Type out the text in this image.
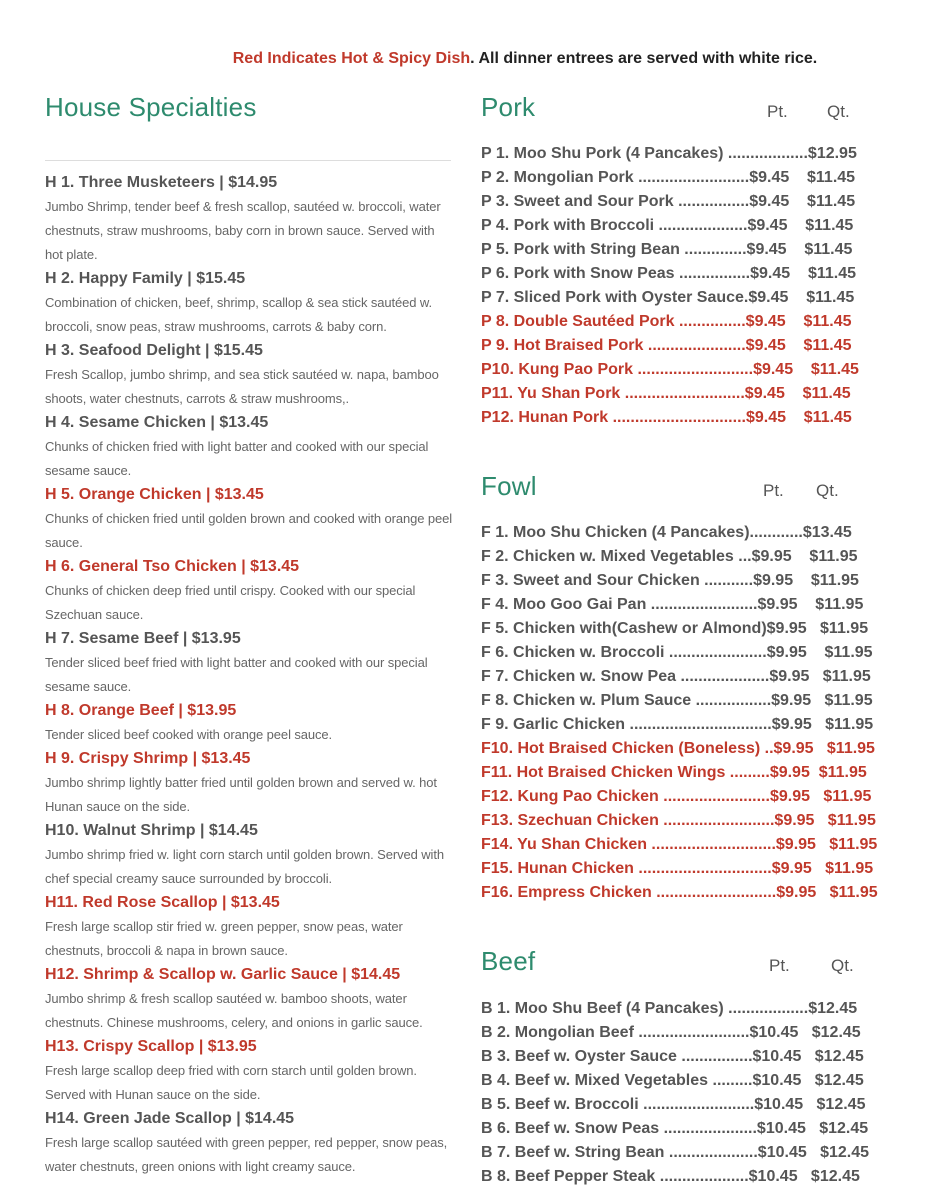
Red Indicates Hot & Spicy Dish. All dinner entrees are served with white rice.
House Specialties
H 1. Three Musketeers | $14.95
Jumbo Shrimp, tender beef & fresh scallop, sautéed w. broccoli, water chestnuts, straw mushrooms, baby corn in brown sauce. Served with hot plate.
H 2. Happy Family | $15.45
Combination of chicken, beef, shrimp, scallop & sea stick sautéed w. broccoli, snow peas, straw mushrooms, carrots & baby corn.
H 3. Seafood Delight | $15.45
Fresh Scallop, jumbo shrimp, and sea stick sautéed w. napa, bamboo shoots, water chestnuts, carrots & straw mushrooms,.
H 4. Sesame Chicken | $13.45
Chunks of chicken fried with light batter and cooked with our special sesame sauce.
H 5. Orange Chicken | $13.45
Chunks of chicken fried until golden brown and cooked with orange peel sauce.
H 6. General Tso Chicken | $13.45
Chunks of chicken deep fried until crispy. Cooked with our special Szechuan sauce.
H 7. Sesame Beef | $13.95
Tender sliced beef fried with light batter and cooked with our special sesame sauce.
H 8. Orange Beef | $13.95
Tender sliced beef cooked with orange peel sauce.
H 9. Crispy Shrimp | $13.45
Jumbo shrimp lightly batter fried until golden brown and served w. hot Hunan sauce on the side.
H10. Walnut Shrimp | $14.45
Jumbo shrimp fried w. light corn starch until golden brown. Served with chef special creamy sauce surrounded by broccoli.
H11. Red Rose Scallop | $13.45
Fresh large scallop stir fried w. green pepper, snow peas, water chestnuts, broccoli & napa in brown sauce.
H12. Shrimp & Scallop w. Garlic Sauce | $14.45
Jumbo shrimp & fresh scallop sautéed w. bamboo shoots, water chestnuts. Chinese mushrooms, celery, and onions in garlic sauce.
H13. Crispy Scallop | $13.95
Fresh large scallop deep fried with corn starch until golden brown. Served with Hunan sauce on the side.
H14. Green Jade Scallop | $14.45
Fresh large scallop sautéed with green pepper, red pepper, snow peas, water chestnuts, green onions with light creamy sauce.
Pork	Pt. Qt.
P 1. Moo Shu Pork (4 Pancakes) ..................$12.95
P 2. Mongolian Pork .........................$9.45    $11.45
P 3. Sweet and Sour Pork ................$9.45    $11.45
P 4. Pork with Broccoli ....................$9.45    $11.45
P 5. Pork with String Bean ..............$9.45    $11.45
P 6. Pork with Snow Peas ................$9.45    $11.45
P 7. Sliced Pork with Oyster Sauce.$9.45    $11.45
P 8. Double Sautéed Pork ...............$9.45    $11.45
P 9. Hot Braised Pork ......................$9.45    $11.45
P10. Kung Pao Pork ..........................$9.45    $11.45
P11. Yu Shan Pork ...........................$9.45    $11.45
P12. Hunan Pork ..............................$9.45    $11.45
Fowl	Pt. Qt.
F 1. Moo Shu Chicken (4 Pancakes)............$13.45
F 2. Chicken w. Mixed Vegetables ...$9.95    $11.95
F 3. Sweet and Sour Chicken ...........$9.95    $11.95
F 4. Moo Goo Gai Pan ........................$9.95    $11.95
F 5. Chicken with(Cashew or Almond)$9.95   $11.95
F 6. Chicken w. Broccoli ......................$9.95    $11.95
F 7. Chicken w. Snow Pea ....................$9.95   $11.95
F 8. Chicken w. Plum Sauce .................$9.95   $11.95
F 9. Garlic Chicken ................................$9.95   $11.95
F10. Hot Braised Chicken (Boneless) ..$9.95   $11.95
F11. Hot Braised Chicken Wings .........$9.95  $11.95
F12. Kung Pao Chicken ........................$9.95   $11.95
F13. Szechuan Chicken .........................$9.95   $11.95
F14. Yu Shan Chicken ............................$9.95   $11.95
F15. Hunan Chicken ..............................$9.95   $11.95
F16. Empress Chicken ...........................$9.95   $11.95
Beef	Pt. Qt.
B 1. Moo Shu Beef (4 Pancakes) ..................$12.45
B 2. Mongolian Beef .........................$10.45   $12.45
B 3. Beef w. Oyster Sauce ................$10.45   $12.45
B 4. Beef w. Mixed Vegetables .........$10.45   $12.45
B 5. Beef w. Broccoli .........................$10.45   $12.45
B 6. Beef w. Snow Peas .....................$10.45   $12.45
B 7. Beef w. String Bean ....................$10.45   $12.45
B 8. Beef Pepper Steak ....................$10.45   $12.45
